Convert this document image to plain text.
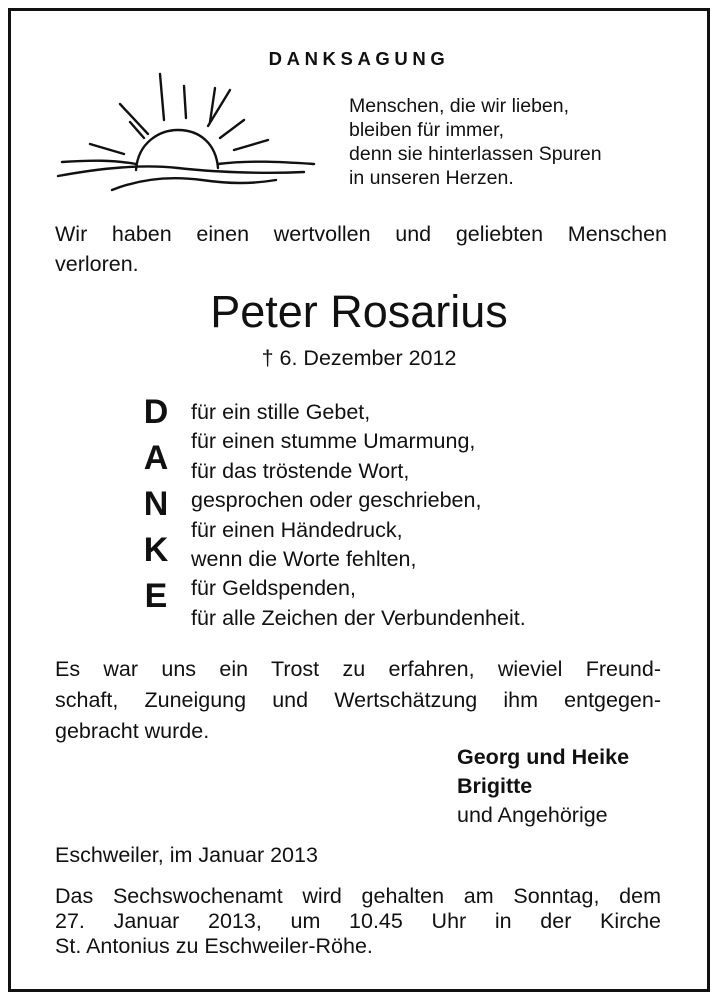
DANKSAGUNG
Menschen, die wir lieben,
bleiben für immer,
denn sie hinterlassen Spuren
in unseren Herzen.
Wir haben einen wertvollen und geliebten Menschen
verloren.
Peter Rosarius
† 6. Dezember 2012
D
A
N
K
E
für ein stille Gebet,
für einen stumme Umarmung,
für das tröstende Wort,
gesprochen oder geschrieben,
für einen Händedruck,
wenn die Worte fehlten,
für Geldspenden,
für alle Zeichen der Verbundenheit.
Es war uns ein Trost zu erfahren, wieviel Freund-
schaft, Zuneigung und Wertschätzung ihm entgegen-
gebracht wurde.
Georg und Heike
Brigitte
und Angehörige
Eschweiler, im Januar 2013
Das Sechswochenamt wird gehalten am Sonntag, dem
27. Januar 2013, um 10.45 Uhr in der Kirche
St. Antonius zu Eschweiler-Röhe.
